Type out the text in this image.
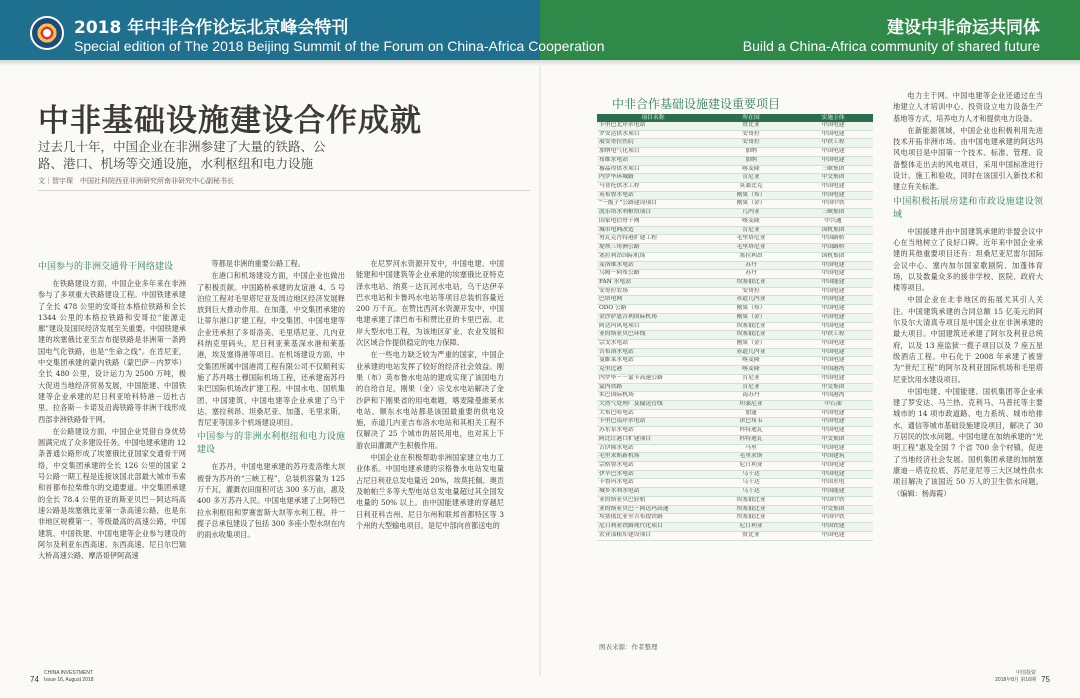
2018 年中非合作论坛北京峰会特刊
Special edition of The 2018 Beijing Summit of the Forum on China-Africa Cooperation
建设中非命运共同体
Build a China-Africa community of shared future
中非基础设施建设合作成就
过去几十年，中国企业在非洲参建了大量的铁路、公路、港口、机场等交通设施，水利枢纽和电力设施
文｜智宇琛　中国社科院西亚非洲研究所南非研究中心副秘书长
中国参与的非洲交通骨干网络建设

在铁路建设方面，中国企业多年来在非洲参与了多项重大铁路建设工程。中国铁建承建了全长 478 公里的安哥拉本格拉铁路和全长 1344 公里的本格拉铁路和安哥拉“能源走廊”建设及国民经济发展至关重要。中国铁建承建的埃塞俄比亚至吉布提铁路是非洲第一条跨国电气化铁路，也是“生命之线”。在肯尼亚，中交集团承建的蒙内铁路（蒙巴萨－内罗毕）全长 480 公里，设计运力为 2500 万吨，极大促进当地经济贸易发展，中国能建、中国铁建等企业承建的尼日利亚哈科特港－迈杜古里、拉各斯－卡诺及沿海铁路等非洲干线形成西部非洲铁路骨干网。

在公路建设方面，中国企业凭借自身优势圆满完成了众多建设任务。中国电建承建的 12 条普通公路形成了埃塞俄比亚国家交通骨干网络，中交集团承建的全长 126 公里的国家 2 号公路一期工程是连接该国北部最大城市韦索和首都布拉柴维尔的交通要道。中交集团承建的全长 78.4 公里的亚的斯亚贝巴－阿达玛高速公路是埃塞俄比亚第一条高速公路，也是东非地区规模第一、等级最高的高速公路，中国建筑、中国铁建、中国电建等企业参与建设的阿尔及利亚东西高速、东西高速、尼日尔巴瑞大桥高速公路、摩洛哥伊阿高速

等都是非洲的重要公路工程。

在港口和机场建设方面，中国企业也做出了积极贡献。中国路桥承建的友谊港 4、5 号泊位工程对毛里塔尼亚及周边地区经济发展释放到巨大推动作用。在加蓬，中交集团承建的让蒂尔港口扩建工程，中交集团、中国电建等企业还承担了多哥洛美、毛里塔尼亚、几内亚科纳克里码头，尼日利亚莱基深水港和莱基港，埃及塞得港等项目。在机场建设方面，中交集团所属中国港湾工程有限公司不仅顺利实施了苏丹喀土穆国际机场工程，还承建南苏丹朱巴国际机场改扩建工程。中国水电、国机集团、中国建筑、中国电建等企业承建了乌干达、塞拉利昂、坦桑尼亚、加蓬、毛里求斯、肯尼亚等国多个机场建设项目。

中国参与的非洲水利枢纽和电力设施建设

在苏丹，中国电建承建的苏丹麦洛维大坝被誉为苏丹的“三峡工程”，总装机容量为 125 万千瓦，灌溉农田面积可达 300 多万亩，惠及 400 多万苏丹人民。中国电建承建了上阿特巴拉水利枢纽和罗赛雷斯大坝等水利工程，并一揽子总承包建设了包括 300 多座小型水坝在内的雨水收集项目。

在尼罗河水资源开发中，中国电建、中国能建和中国建筑等企业承建的埃塞俄比亚特克泽水电站、纳莫－达瓦河水电站，乌干达伊辛巴水电站和卡鲁玛水电站等项目总装机容量近 200 万千瓦。在赞比西河水资源开发中，中国电建承建了津巴布韦和赞比亚的卡里巴南、北岸大型水电工程，为该地区矿业、农业发展和次区域合作提供稳定的电力保障。

在一些电力缺乏较为严重的国家，中国企业承建的电站发挥了较好的经济社会效益。刚果（布）英布鲁水电站的建成实现了该国电力的自给自足，刚果（金）宗戈水电站解决了金沙萨和下刚果省的用电难题，喀麦隆曼維莱水电站、顺东水电站都是该国最重要的供电设施，赤道几内亚吉布洛水电站和其相关工程不仅解决了 25 个城市的居民用电，也对其上下游农田灌溉产生积极作用。

中国企业在积极帮助非洲国家建立电力工业体系。中国电建承建的宗格鲁水电站发电量占尼日利亚总发电量近 20%，埃莫托佩、奥贡及帕帕兰多等大型电站总发电量超过其全国发电量的 50% 以上。由中国能建承建的穿越尼日利亚科吉州、尼日尔州和联邦首都特区等 3 个州的大型输电项目，是尼中部向首都送电的

电力主干网。中国电建等企业还通过在当地建立人才培训中心、投资设立电力设备生产基地等方式，培养电力人才和提供电力设备。

在新能源领域，中国企业也积极利用先进技术开拓非洲市场。由中国电建承建的阿达玛风电项目是中国第一个技术、标准、管理、设备整体走出去的风电项目，采用中国标准进行设计、施工和验收，同时在该国引入新技术和建立有关标准。

中国积极拓展房建和市政设施建设领域

中国援建并由中国建筑承建的非盟会议中心在当地树立了良好口碑。近年来中国企业承建的其他重要项目还有：坦桑尼亚尼雷尔国际会议中心、塞内加尔国家歌剧院、加蓬体育场，以及数量众多的援非学校、医院、政府大楼等项目。

中国企业在北非地区的拓展尤其引人关注。中国建筑承建的合同总额 15 亿美元的阿尔及尔大清真寺项目是中国企业在非洲承建的最大项目。中国建筑还承建了阿尔及利亚总统府，以及 13 座监狱一揽子项目以及 7 座五星级酒店工程。中石化于 2008 年承建了被誉为“世纪工程”的阿尔及利亚国际机场和毛里塔尼亚饮用水建设项目。

中国电建、中国能建、国机集团等企业承建了罗安达、马兰热、克利马、马普托等主要城市的 14 项市政道路、电力系统、城市给排水、通信等城市基础设施建设项目，解决了 30 万居民的饮水问题。中国电建在加纳承建的“光明工程”惠及全国 7 个省 700 余个村镇，促进了当地经济社会发展。国机集团承建的加纳塞康迪－塔克拉底、苏尼亚尼等三大区域性供水项目解决了该国近 50 万人的卫生供水问题。（编辑：杨海霞）

中非合作基础设施建设重要项目
项目名称	所在国	实施主体
卡里巴北岸水电站	赞比亚	中国电建
罗安达供水项目	安哥拉	中国电建
展安哥拉医院	安哥拉	中铁工程
加纳电气化项目	加纳	中国电建
布维水电站	加纳	中国电建
穆晶得供水项目	喀麦隆	三峡集团
内罗毕环城路	肯尼亚	中交集团
马普托供水工程	莫桑比克	中国电建
英布鲁水电站	刚果（布）	中国电建
“一揽子”公路建设项目	刚果（金）	中国中铁
凯乐塔水利枢纽项目	几内亚	三峡集团
国家电信骨干网	喀麦隆	中兴通
城市电网改造	肯尼亚	国机集团
努瓦克肖特港扩建工程	毛里塔尼亚	中国路桥
堤坝三角洲公路	毛里塔尼亚	中国路桥
塞拉利昂国际机场	塞拉利昂	国机集团
麦洛维水电站	苏丹	中国电建
乌姆－阿布公路	苏丹	中国电建
FAN 水电站	埃塞俄比亚	中国能建
安哥拉农场	安哥拉	中国电建
巴塔电网	赤道几内亚	中国电建
ODO 公路	刚果（布）	中国电建
金沙萨恩吉利国际机场	刚果（金）	中国电建
阿达玛风电项目	埃塞俄比亚	中国电建
亚的斯亚贝巴环线	埃塞俄比亚	中铁工程
宗戈水电站	刚果（金）	中国电建
吉布洛水电站	赤道几内亚	中国电建
曼維莱水电站	喀麦隆	中国电建
克里比港	喀麦隆	中国港湾
内罗毕－－蒙卡高速公路	肯尼亚	中国电建
蒙内铁路	肯尼亚	中交集团
朱巴国际机场	南苏丹	中国港湾
大然气处理厂及输送管线	坦桑尼亚	中石油
大布巴哈电站	加蓬	中国电建
卡里巴南岸水电站	津巴布韦	中国电建
苏东泵水电站	科特迪瓦	中国电建
阿比让港口扩建项目	科特迪瓦	中交集团
吉伊隆水电站	马里	中国电建
毛里求斯新机场	毛里求斯	中国建筑
宗格鲁水电站	尼日利亚	中国电建
伊辛巴水电站	乌干达	中国电建
卡鲁玛水电站	乌干达	中国水电
城乡水利水电站	乌干达	中国能建
亚的斯亚贝巴轻轨	埃塞俄比亚	中国中铁
亚的斯亚贝巴－阿达玛高速	埃塞俄比亚	中交集团
埃塞俄比亚至吉布提铁路	埃塞俄比亚	中国中铁
尼日利亚铁路现代化项目	尼日利亚	中国铁建
农业部粮库建设项目	赞比亚	中国电建
图表来源：作者整理
74
CHINA INVESTMENT
Issue 16, August 2018	75
中国投资
2018年8月 第16期
